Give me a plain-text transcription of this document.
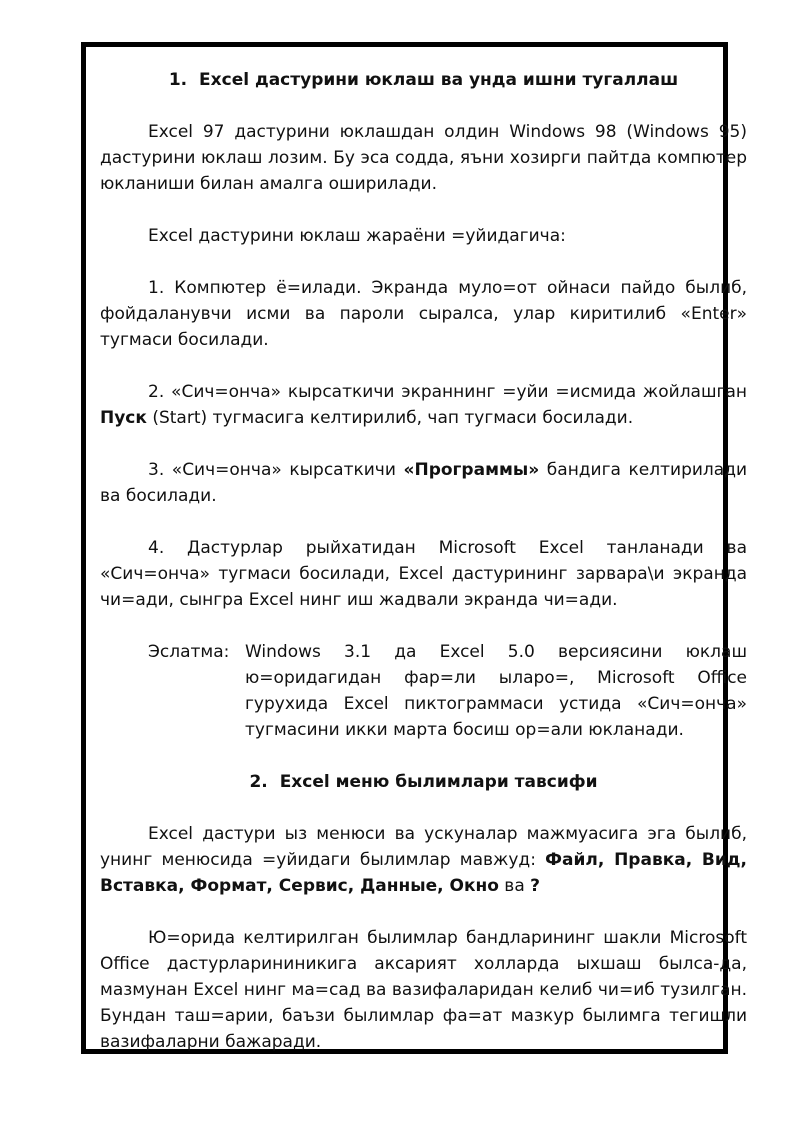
1. Excel дастурини юклаш ва унда ишни тугаллаш

Excel 97 дастурини юклашдан олдин Windows 98 (Windows 95) дастурини юклаш лозим. Бу эса содда, яъни хозирги пайтда компютер юкланиши билан амалга оширилади.

Excel дастурини юклаш жараёни =уйидагича:

1. Компютер ё=илади. Экранда муло=от ойнаси пайдо былиб, фойдаланувчи исми ва пароли сыралса, улар киритилиб «Enter» тугмаси босилади.

2. «Сич=онча» кырсаткичи экраннинг =уйи =исмида жойлашган Пуск (Start) тугмасига келтирилиб, чап тугмаси босилади.

3. «Сич=онча» кырсаткичи «Программы» бандига келтирилади ва босилади.

4. Дастурлар рыйхатидан Microsoft Excel танланади ва «Сич=онча» тугмаси босилади, Excel дастурининг зарвара\и экранда чи=ади, сынгра Excel нинг иш жадвали экранда чи=ади.

Эслатма: Windows 3.1 да Excel 5.0 версиясини юклаш ю=оридагидан фар=ли ыларо=, Microsoft Office гурухида Excel пиктограммаси устида «Сич=онча» тугмасини икки марта босиш ор=али юкланади.

2. Excel меню былимлари тавсифи

Excel дастури ыз менюси ва ускуналар мажмуасига эга былиб, унинг менюсида =уйидаги былимлар мавжуд: Файл, Правка, Вид, Вставка, Формат, Сервис, Данные, Окно ва ?

Ю=орида келтирилган былимлар бандларининг шакли Microsoft Office дастурларининикига аксарият холларда ыхшаш былса-да, мазмунан Excel нинг ма=сад ва вазифаларидан келиб чи=иб тузилган. Бундан таш=арии, баъзи былимлар фа=ат мазкур былимга тегишли вазифаларни бажаради.
